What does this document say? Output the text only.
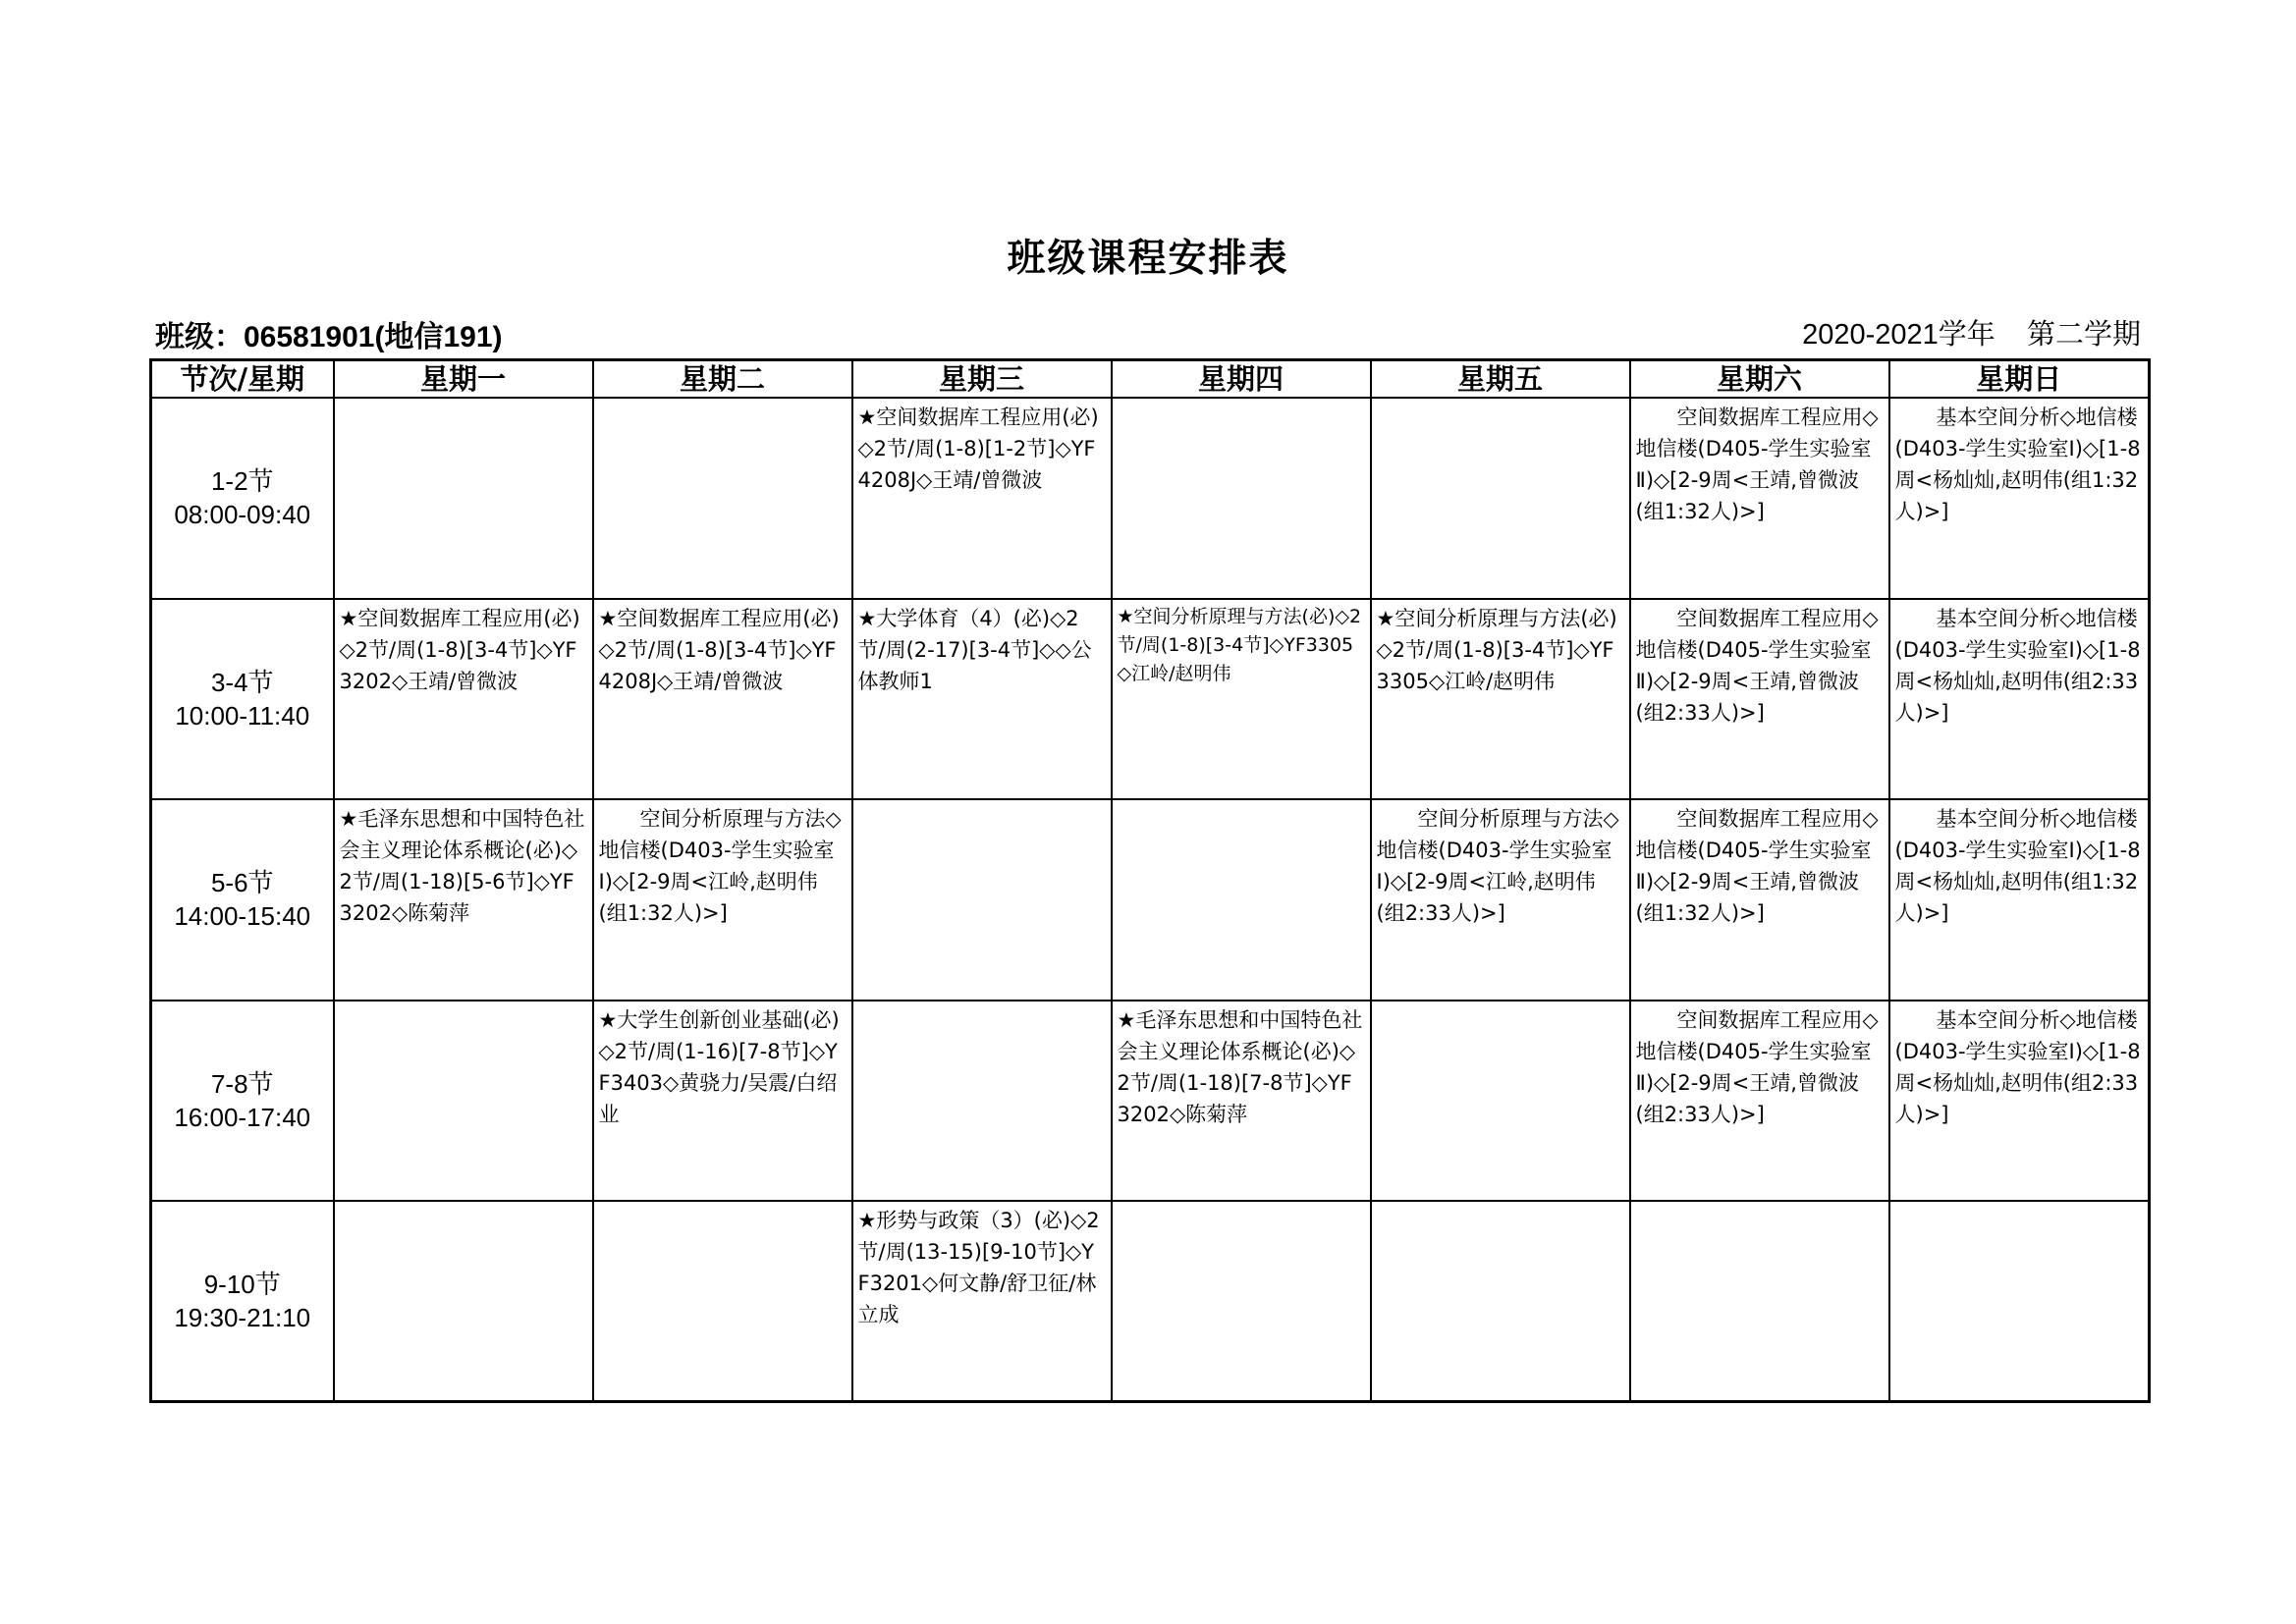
班级课程安排表
班级：06581901(地信191)	2020-2021学年    第二学期
节次/星期	星期一	星期二	星期三	星期四	星期五	星期六	星期日

1-2节
08:00-09:40			★空间数据库工程应用(必)◇2节/周(1-8)[1-2节]◇YF4208J◇王靖/曾微波			空间数据库工程应用◇地信楼(D405-学生实验室Ⅱ)◇[2-9周<王靖,曾微波(组1:32人)>]	基本空间分析◇地信楼(D403-学生实验室Ⅰ)◇[1-8周<杨灿灿,赵明伟(组1:32人)>]

3-4节
10:00-11:40	★空间数据库工程应用(必)◇2节/周(1-8)[3-4节]◇YF3202◇王靖/曾微波	★空间数据库工程应用(必)◇2节/周(1-8)[3-4节]◇YF4208J◇王靖/曾微波	★大学体育（4）(必)◇2节/周(2-17)[3-4节]◇◇公体教师1	★空间分析原理与方法(必)◇2节/周(1-8)[3-4节]◇YF3305◇江岭/赵明伟	★空间分析原理与方法(必)◇2节/周(1-8)[3-4节]◇YF3305◇江岭/赵明伟	空间数据库工程应用◇地信楼(D405-学生实验室Ⅱ)◇[2-9周<王靖,曾微波(组2:33人)>]	基本空间分析◇地信楼(D403-学生实验室Ⅰ)◇[1-8周<杨灿灿,赵明伟(组2:33人)>]

5-6节
14:00-15:40	★毛泽东思想和中国特色社会主义理论体系概论(必)◇2节/周(1-18)[5-6节]◇YF3202◇陈菊萍	空间分析原理与方法◇地信楼(D403-学生实验室Ⅰ)◇[2-9周<江岭,赵明伟(组1:32人)>]			空间分析原理与方法◇地信楼(D403-学生实验室Ⅰ)◇[2-9周<江岭,赵明伟(组2:33人)>]	空间数据库工程应用◇地信楼(D405-学生实验室Ⅱ)◇[2-9周<王靖,曾微波(组1:32人)>]	基本空间分析◇地信楼(D403-学生实验室Ⅰ)◇[1-8周<杨灿灿,赵明伟(组1:32人)>]

7-8节
16:00-17:40		★大学生创新创业基础(必)◇2节/周(1-16)[7-8节]◇YF3403◇黄骁力/吴震/白绍业		★毛泽东思想和中国特色社会主义理论体系概论(必)◇2节/周(1-18)[7-8节]◇YF3202◇陈菊萍		空间数据库工程应用◇地信楼(D405-学生实验室Ⅱ)◇[2-9周<王靖,曾微波(组2:33人)>]	基本空间分析◇地信楼(D403-学生实验室Ⅰ)◇[1-8周<杨灿灿,赵明伟(组2:33人)>]

9-10节
19:30-21:10			★形势与政策（3）(必)◇2节/周(13-15)[9-10节]◇YF3201◇何文静/舒卫征/林立成				
